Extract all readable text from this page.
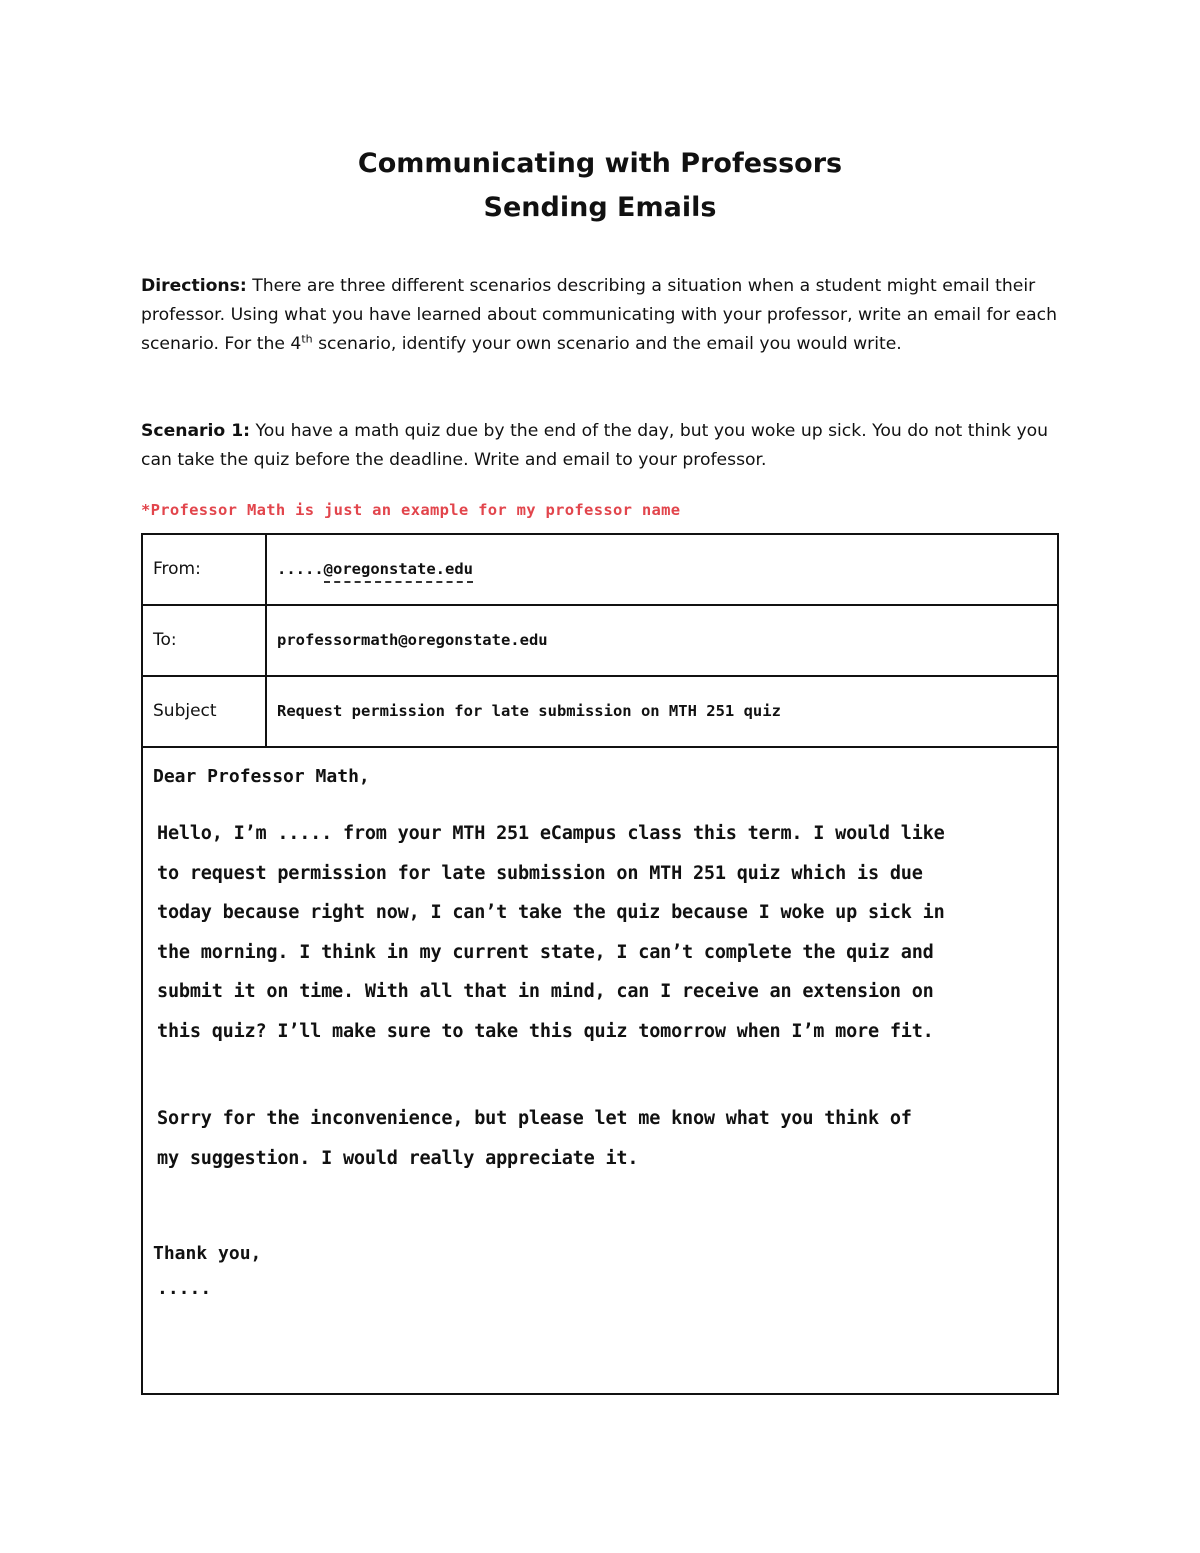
Communicating with Professors
Sending Emails
Directions: There are three different scenarios describing a situation when a student might email their professor. Using what you have learned about communicating with your professor, write an email for each scenario. For the 4th scenario, identify your own scenario and the email you would write.
Scenario 1: You have a math quiz due by the end of the day, but you woke up sick. You do not think you can take the quiz before the deadline. Write and email to your professor.
*Professor Math is just an example for my professor name
From:	.....@oregonstate.edu
To:	professormath@oregonstate.edu
Subject	Request permission for late submission on MTH 251 quiz
Dear Professor Math,
Hello, I’m ..... from your MTH 251 eCampus class this term. I would like
to request permission for late submission on MTH 251 quiz which is due
today because right now, I can’t take the quiz because I woke up sick in
the morning. I think in my current state, I can’t complete the quiz and
submit it on time. With all that in mind, can I receive an extension on
this quiz? I’ll make sure to take this quiz tomorrow when I’m more fit.
Sorry for the inconvenience, but please let me know what you think of
my suggestion. I would really appreciate it.
Thank you,
.....
